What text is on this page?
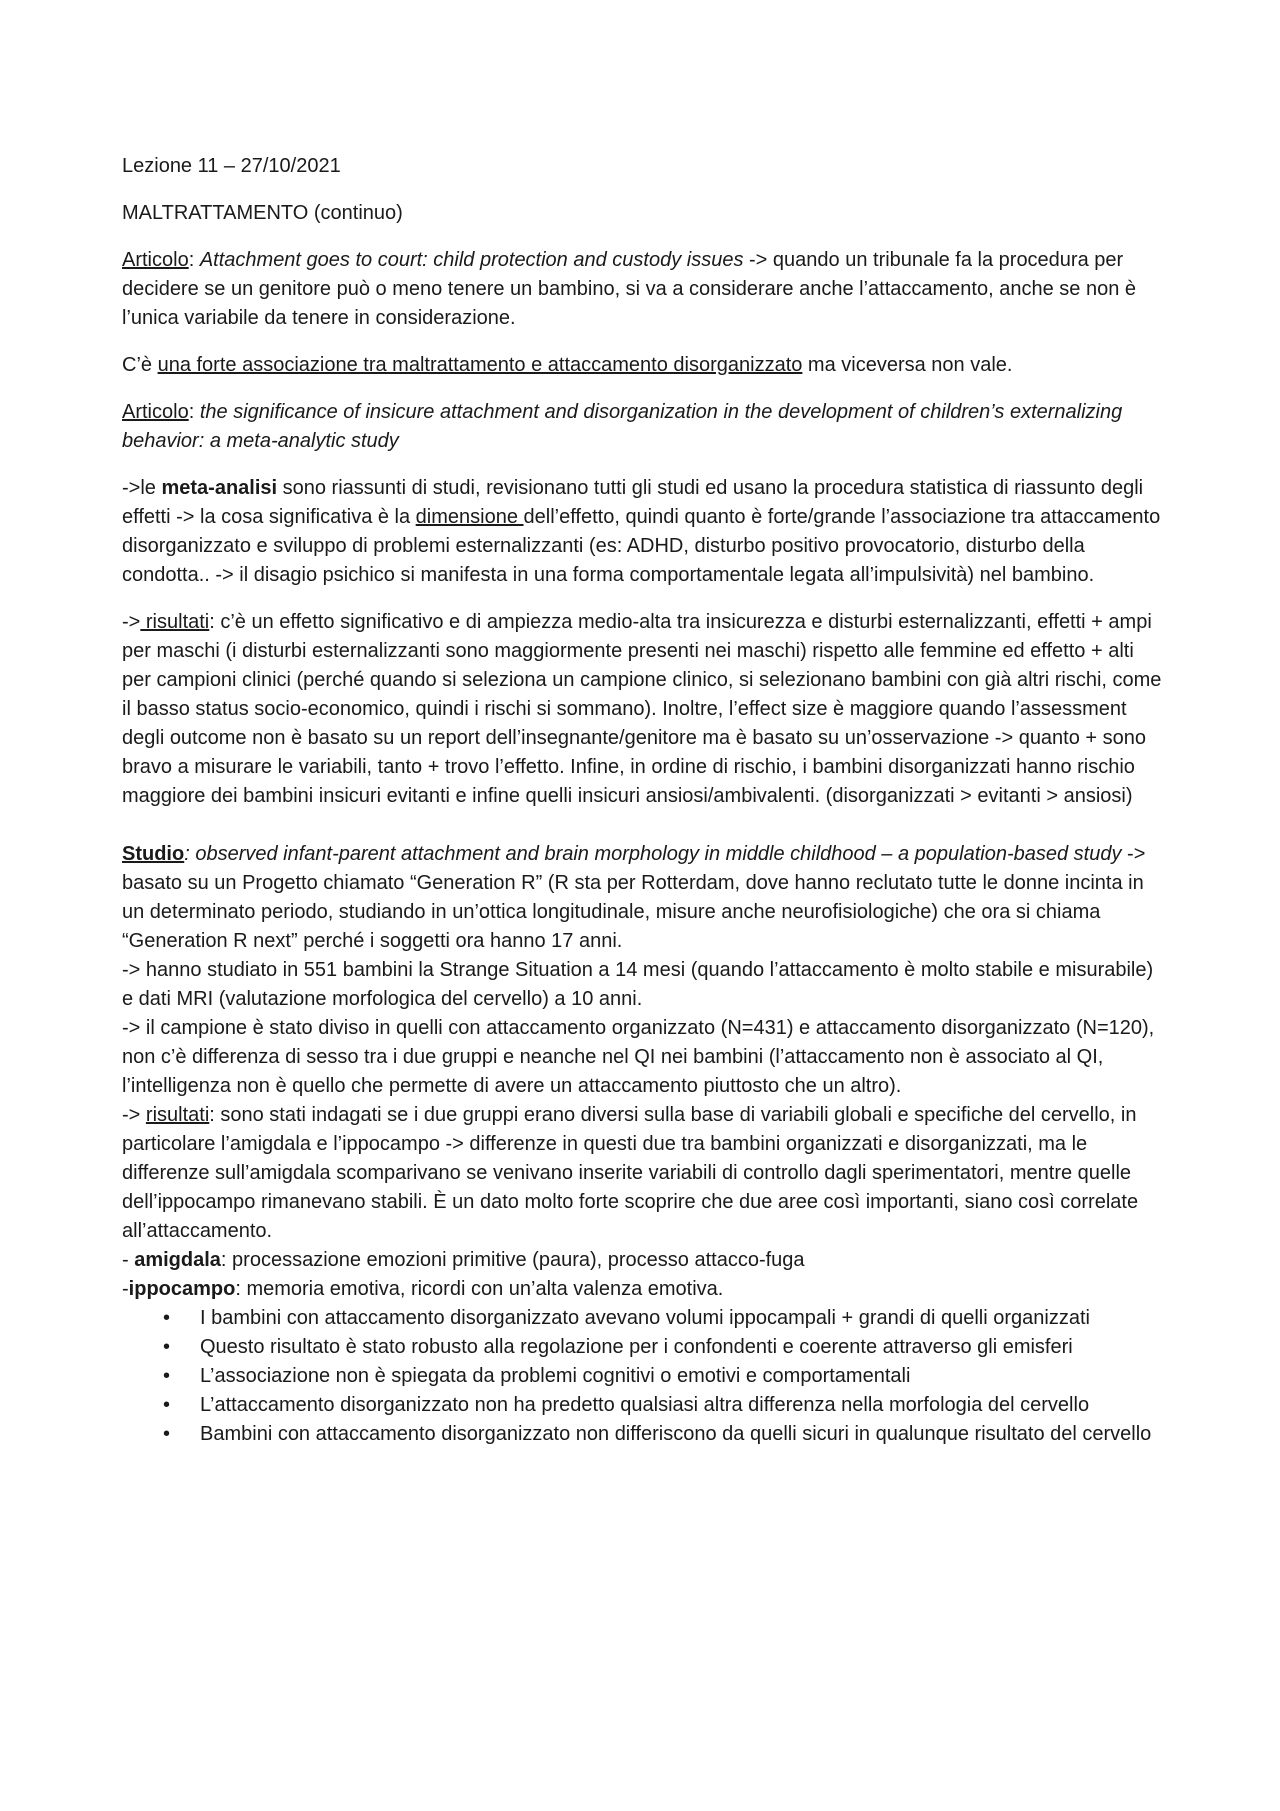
Lezione 11 – 27/10/2021

MALTRATTAMENTO (continuo)

Articolo: Attachment goes to court: child protection and custody issues -> quando un tribunale fa la procedura per decidere se un genitore può o meno tenere un bambino, si va a considerare anche l’attaccamento, anche se non è l’unica variabile da tenere in considerazione.

C’è una forte associazione tra maltrattamento e attaccamento disorganizzato ma viceversa non vale.

Articolo: the significance of insicure attachment and disorganization in the development of children’s externalizing behavior: a meta-analytic study

->le meta-analisi sono riassunti di studi, revisionano tutti gli studi ed usano la procedura statistica di riassunto degli effetti -> la cosa significativa è la dimensione dell’effetto, quindi quanto è forte/grande l’associazione tra attaccamento disorganizzato e sviluppo di problemi esternalizzanti (es: ADHD, disturbo positivo provocatorio, disturbo della condotta.. -> il disagio psichico si manifesta in una forma comportamentale legata all’impulsività) nel bambino.

-> risultati: c’è un effetto significativo e di ampiezza medio-alta tra insicurezza e disturbi esternalizzanti, effetti + ampi per maschi (i disturbi esternalizzanti sono maggiormente presenti nei maschi) rispetto alle femmine ed effetto + alti per campioni clinici (perché quando si seleziona un campione clinico, si selezionano bambini con già altri rischi, come il basso status socio-economico, quindi i rischi si sommano). Inoltre, l’effect size è maggiore quando l’assessment degli outcome non è basato su un report dell’insegnante/genitore ma è basato su un’osservazione -> quanto + sono bravo a misurare le variabili, tanto + trovo l’effetto. Infine, in ordine di rischio, i bambini disorganizzati hanno rischio maggiore dei bambini insicuri evitanti e infine quelli insicuri ansiosi/ambivalenti. (disorganizzati > evitanti > ansiosi)

Studio: observed infant-parent attachment and brain morphology in middle childhood – a population-based study -> basato su un Progetto chiamato “Generation R” (R sta per Rotterdam, dove hanno reclutato tutte le donne incinta in un determinato periodo, studiando in un’ottica longitudinale, misure anche neurofisiologiche) che ora si chiama “Generation R next” perché i soggetti ora hanno 17 anni.

-> hanno studiato in 551 bambini la Strange Situation a 14 mesi (quando l’attaccamento è molto stabile e misurabile) e dati MRI (valutazione morfologica del cervello) a 10 anni.

-> il campione è stato diviso in quelli con attaccamento organizzato (N=431) e attaccamento disorganizzato (N=120), non c’è differenza di sesso tra i due gruppi e neanche nel QI nei bambini (l’attaccamento non è associato al QI, l’intelligenza non è quello che permette di avere un attaccamento piuttosto che un altro).

-> risultati: sono stati indagati se i due gruppi erano diversi sulla base di variabili globali e specifiche del cervello, in particolare l’amigdala e l’ippocampo -> differenze in questi due tra bambini organizzati e disorganizzati, ma le differenze sull’amigdala scomparivano se venivano inserite variabili di controllo dagli sperimentatori, mentre quelle dell’ippocampo rimanevano stabili. È un dato molto forte scoprire che due aree così importanti, siano così correlate all’attaccamento.

- amigdala: processazione emozioni primitive (paura), processo attacco-fuga

-ippocampo: memoria emotiva, ricordi con un’alta valenza emotiva.

• I bambini con attaccamento disorganizzato avevano volumi ippocampali + grandi di quelli organizzati
• Questo risultato è stato robusto alla regolazione per i confondenti e coerente attraverso gli emisferi
• L’associazione non è spiegata da problemi cognitivi o emotivi e comportamentali
• L’attaccamento disorganizzato non ha predetto qualsiasi altra differenza nella morfologia del cervello
• Bambini con attaccamento disorganizzato non differiscono da quelli sicuri in qualunque risultato del cervello
